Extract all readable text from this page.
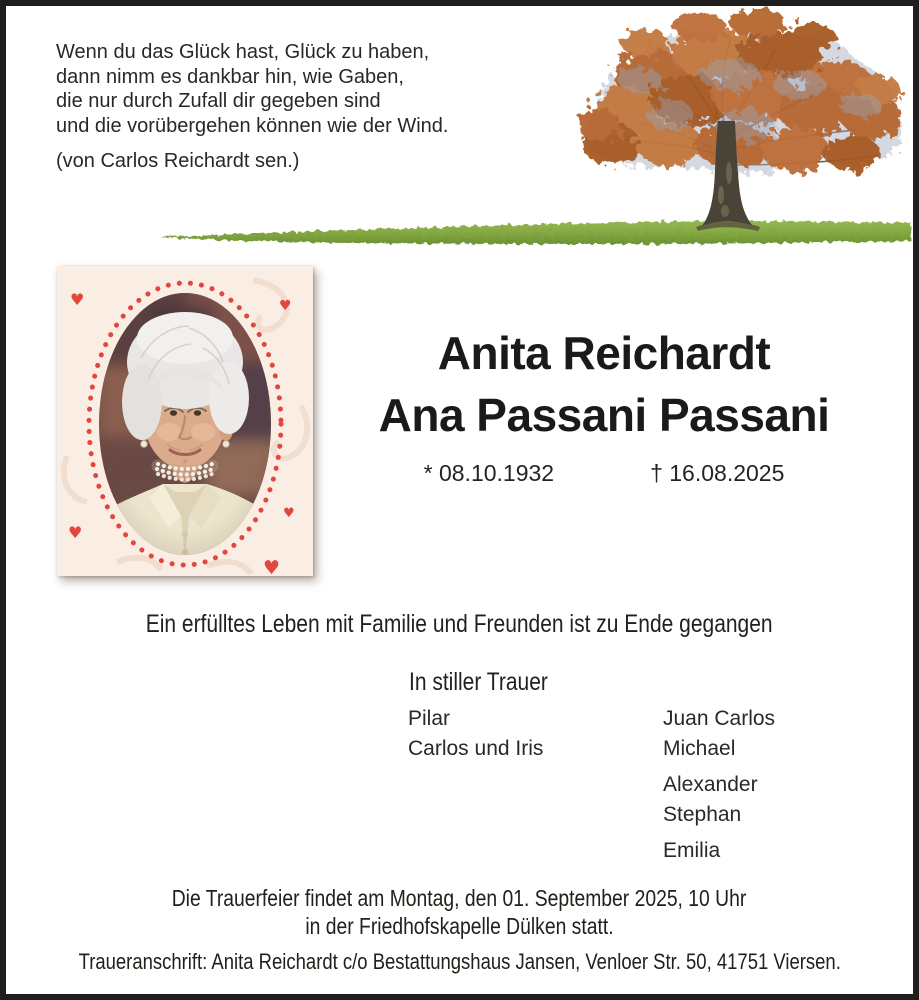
Wenn du das Glück hast, Glück zu haben,
dann nimm es dankbar hin, wie Gaben,
die nur durch Zufall dir gegeben sind
und die vorübergehen können wie der Wind.
(von Carlos Reichardt sen.)
♥	♥
♥
♥
♥
Anita Reichardt
Ana Passani Passani
* 08.10.1932	† 16.08.2025
Ein erfülltes Leben mit Familie und Freunden ist zu Ende gegangen
In stiller Trauer
Pilar
Carlos und Iris
Juan Carlos
Michael
Alexander
Stephan
Emilia
Die Trauerfeier findet am Montag, den 01. September 2025, 10 Uhr
in der Friedhofskapelle Dülken statt.
Traueranschrift: Anita Reichardt c/o Bestattungshaus Jansen, Venloer Str. 50, 41751 Viersen.
